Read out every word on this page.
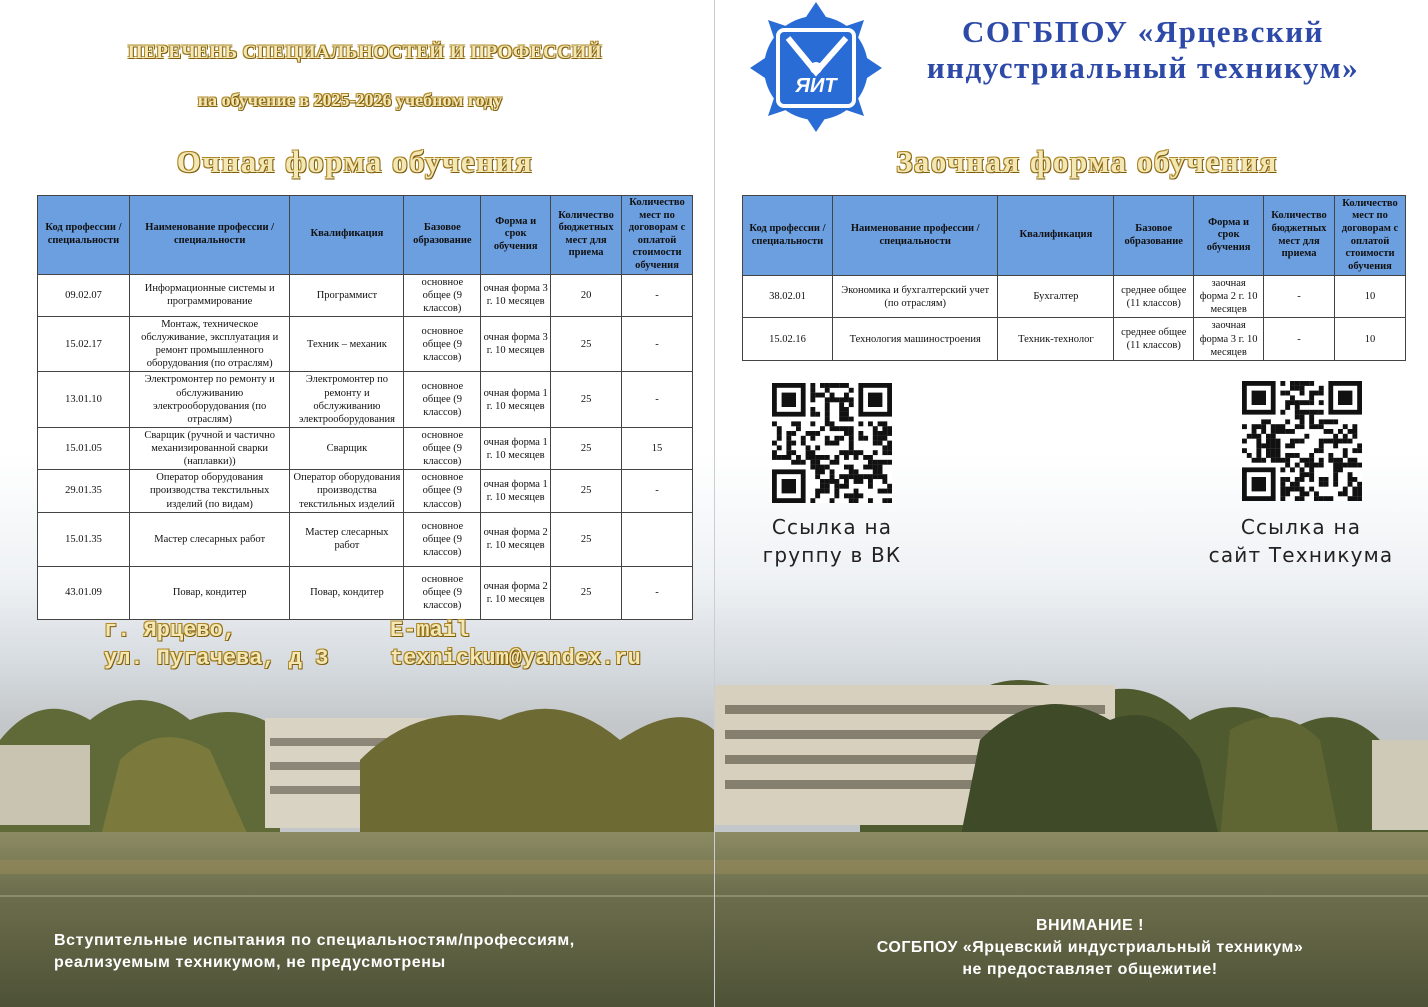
ПЕРЕЧЕНЬ СПЕЦИАЛЬНОСТЕЙ И ПРОФЕССИЙ
на обучение в 2025-2026 учебном году
Очная форма обучения
Код профессии / специальности	Наименование профессии / специальности	Квалификация	Базовое образование	Форма и срок обучения	Количество бюджетных мест для приема	Количество мест по договорам с оплатой стоимости обучения
09.02.07	Информационные системы и программирование	Программист	основное общее (9 классов)	очная форма 3 г. 10 месяцев	20	-
15.02.17	Монтаж, техническое обслуживание, эксплуатация и ремонт промышленного оборудования (по отраслям)	Техник – механик	основное общее (9 классов)	очная форма 3 г. 10 месяцев	25	-
13.01.10	Электромонтер по ремонту и обслуживанию электрооборудования (по отраслям)	Электромонтер по ремонту и обслуживанию электрооборудования	основное общее (9 классов)	очная форма 1 г. 10 месяцев	25	-
15.01.05	Сварщик (ручной и частично механизированной сварки (наплавки))	Сварщик	основное общее (9 классов)	очная форма 1 г. 10 месяцев	25	15
29.01.35	Оператор оборудования производства текстильных изделий (по видам)	Оператор оборудования производства текстильных изделий	основное общее (9 классов)	очная форма 1 г. 10 месяцев	25	-
15.01.35	Мастер слесарных работ	Мастер слесарных работ	основное общее (9 классов)	очная форма 2 г. 10 месяцев	25	
43.01.09	Повар, кондитер	Повар, кондитер	основное общее (9 классов)	очная форма 2 г. 10 месяцев	25	-
г. Ярцево,
ул. Пугачева, д 3
E-mail
texnickum@yandex.ru
Вступительные испытания по специальностям/профессиям,
реализуемым техникумом, не предусмотрены
ЯИТ
СОГБПОУ «Ярцевский
индустриальный техникум»
Заочная форма обучения
Код профессии / специальности	Наименование профессии / специальности	Квалификация	Базовое образование	Форма и срок обучения	Количество бюджетных мест для приема	Количество мест по договорам с оплатой стоимости обучения
38.02.01	Экономика и бухгалтерский учет (по отраслям)	Бухгалтер	среднее общее (11 классов)	заочная форма 2 г. 10 месяцев	-	10
15.02.16	Технология машиностроения	Техник-технолог	среднее общее (11 классов)	заочная форма 3 г. 10 месяцев	-	10
Ссылка на
группу в ВК
Ссылка на
сайт Техникума
ВНИМАНИЕ !
СОГБПОУ «Ярцевский индустриальный техникум»
не предоставляет общежитие!
